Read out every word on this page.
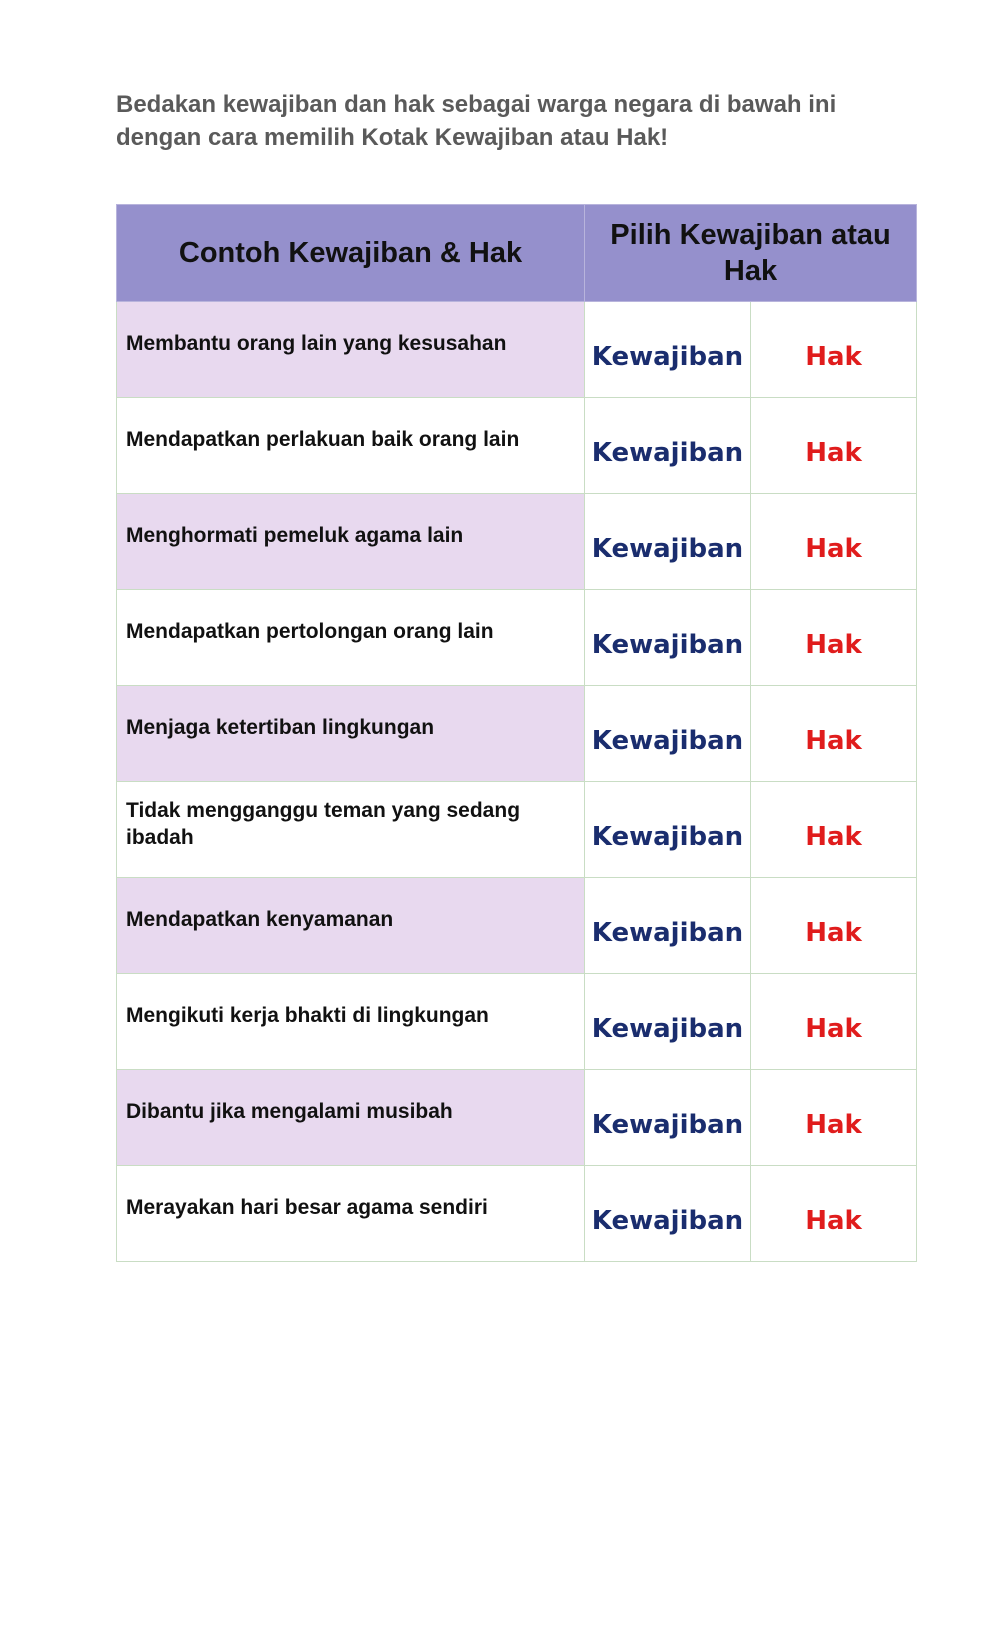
Bedakan kewajiban dan hak sebagai warga negara di bawah ini dengan cara memilih Kotak Kewajiban atau Hak!
Contoh Kewajiban & Hak	Pilih Kewajiban atau Hak	
Membantu orang lain yang kesusahan	Kewajiban	Hak
Mendapatkan perlakuan baik orang lain	Kewajiban	Hak
Menghormati pemeluk agama lain	Kewajiban	Hak
Mendapatkan pertolongan orang lain	Kewajiban	Hak
Menjaga ketertiban lingkungan	Kewajiban	Hak
Tidak mengganggu teman yang sedang ibadah	Kewajiban	Hak
Mendapatkan kenyamanan	Kewajiban	Hak
Mengikuti kerja bhakti di lingkungan	Kewajiban	Hak
Dibantu jika mengalami musibah	Kewajiban	Hak
Merayakan hari besar agama sendiri	Kewajiban	Hak
